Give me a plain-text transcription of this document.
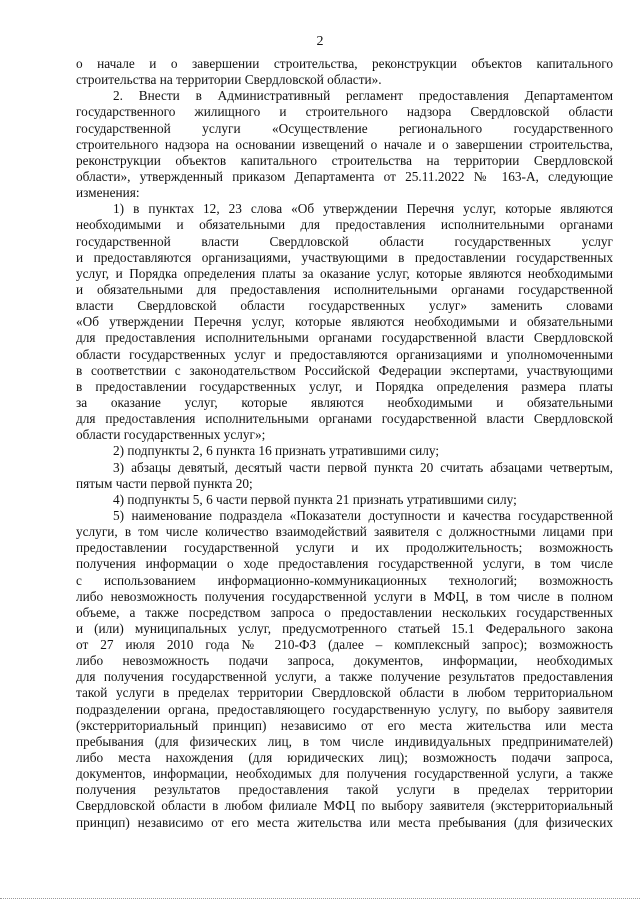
2
о начале и о завершении строительства, реконструкции объектов капитального
строительства на территории Свердловской области».
2. Внести в Административный регламент предоставления Департаментом
государственного жилищного и строительного надзора Свердловской области
государственной услуги «Осуществление регионального государственного
строительного надзора на основании извещений о начале и о завершении строительства,
реконструкции объектов капитального строительства на территории Свердловской
области», утвержденный приказом Департамента от 25.11.2022 № 163-А, следующие
изменения:
1) в пунктах 12, 23 слова «Об утверждении Перечня услуг, которые являются
необходимыми и обязательными для предоставления исполнительными органами
государственной власти Свердловской области государственных услуг
и предоставляются организациями, участвующими в предоставлении государственных
услуг, и Порядка определения платы за оказание услуг, которые являются необходимыми
и обязательными для предоставления исполнительными органами государственной
власти Свердловской области государственных услуг» заменить словами
«Об утверждении Перечня услуг, которые являются необходимыми и обязательными
для предоставления исполнительными органами государственной власти Свердловской
области государственных услуг и предоставляются организациями и уполномоченными
в соответствии с законодательством Российской Федерации экспертами, участвующими
в предоставлении государственных услуг, и Порядка определения размера платы
за оказание услуг, которые являются необходимыми и обязательными
для предоставления исполнительными органами государственной власти Свердловской
области государственных услуг»;
2) подпункты 2, 6 пункта 16 признать утратившими силу;
3) абзацы девятый, десятый части первой пункта 20 считать абзацами четвертым,
пятым части первой пункта 20;
4) подпункты 5, 6 части первой пункта 21 признать утратившими силу;
5) наименование подраздела «Показатели доступности и качества государственной
услуги, в том числе количество взаимодействий заявителя с должностными лицами при
предоставлении государственной услуги и их продолжительность; возможность
получения информации о ходе предоставления государственной услуги, в том числе
с использованием информационно-коммуникационных технологий; возможность
либо невозможность получения государственной услуги в МФЦ, в том числе в полном
объеме, а также посредством запроса о предоставлении нескольких государственных
и (или) муниципальных услуг, предусмотренного статьей 15.1 Федерального закона
от 27 июля 2010 года № 210-ФЗ (далее – комплексный запрос); возможность
либо невозможность подачи запроса, документов, информации, необходимых
для получения государственной услуги, а также получение результатов предоставления
такой услуги в пределах территории Свердловской области в любом территориальном
подразделении органа, предоставляющего государственную услугу, по выбору заявителя
(экстерриториальный принцип) независимо от его места жительства или места
пребывания (для физических лиц, в том числе индивидуальных предпринимателей)
либо места нахождения (для юридических лиц); возможность подачи запроса,
документов, информации, необходимых для получения государственной услуги, а также
получения результатов предоставления такой услуги в пределах территории
Свердловской области в любом филиале МФЦ по выбору заявителя (экстерриториальный
принцип) независимо от его места жительства или места пребывания (для физических
